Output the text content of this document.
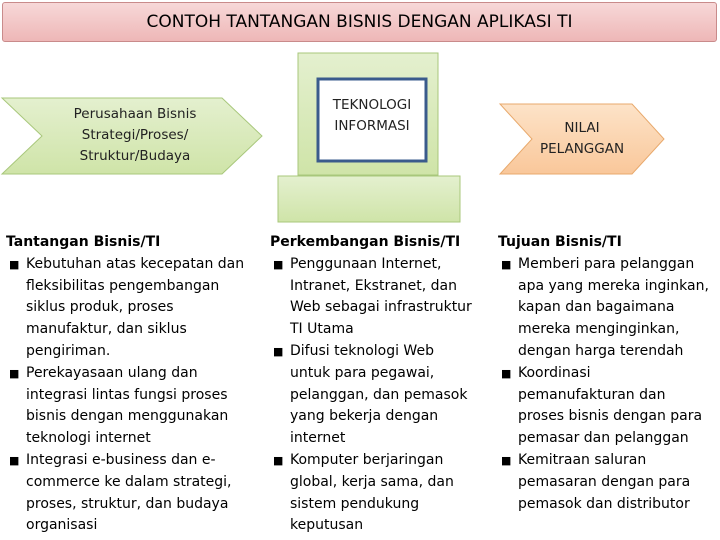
CONTOH TANTANGAN BISNIS DENGAN APLIKASI TI
Perusahaan Bisnis
Strategi/Proses/
Struktur/Budaya
TEKNOLOGI
INFORMASI	NILAI
PELANGGAN
Tantangan Bisnis/TI
■ Kebutuhan atas kecepatan dan
fleksibilitas pengembangan
siklus produk, proses
manufaktur, dan siklus
pengiriman.
■ Perekayasaan ulang dan
integrasi lintas fungsi proses
bisnis dengan menggunakan
teknologi internet
■ Integrasi e-business dan e-
commerce ke dalam strategi,
proses, struktur, dan budaya
organisasi
Perkembangan Bisnis/TI
■ Penggunaan Internet,
Intranet, Ekstranet, dan
Web sebagai infrastruktur
TI Utama
■ Difusi teknologi Web
untuk para pegawai,
pelanggan, dan pemasok
yang bekerja dengan
internet
■ Komputer berjaringan
global, kerja sama, dan
sistem pendukung
keputusan
Tujuan Bisnis/TI
■ Memberi para pelanggan
apa yang mereka inginkan,
kapan dan bagaimana
mereka menginginkan,
dengan harga terendah
■ Koordinasi
pemanufakturan dan
proses bisnis dengan para
pemasar dan pelanggan
■ Kemitraan saluran
pemasaran dengan para
pemasok dan distributor
